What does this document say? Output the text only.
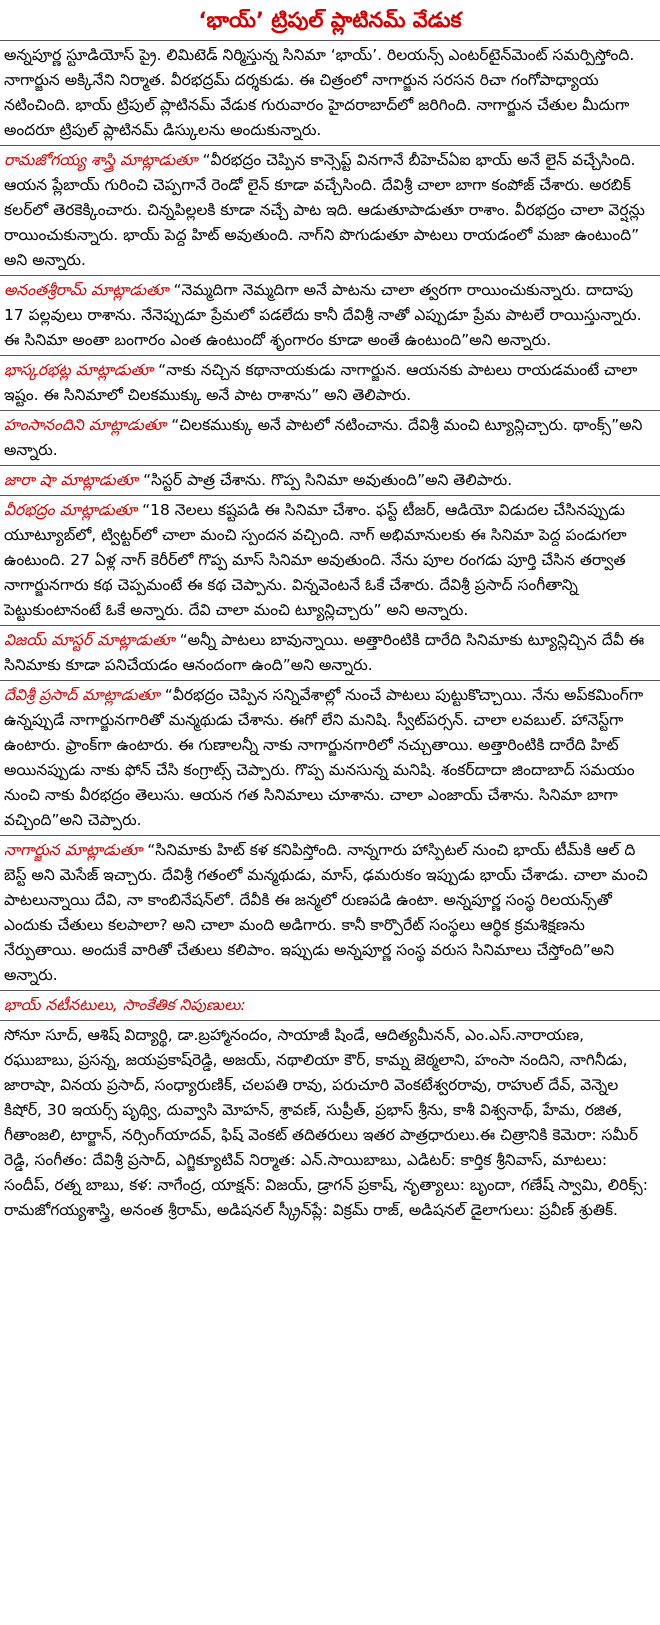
‘భాయ్’ ట్రిపుల్ ప్లాటినమ్ వేడుక
అన్నపూర్ణ స్టూడియోస్ ప్రై. లిమిటెడ్ నిర్మిస్తున్న సినిమా ‘భాయ్’. రిలయన్స్ ఎంటర్‌టైన్‌మెంట్ సమర్పిస్తోంది. నాగార్జున అక్కినేని నిర్మాత. వీరభద్రమ్ దర్శకుడు. ఈ చిత్రంలో నాగార్జున సరసన రిచా గంగోపాధ్యాయ నటించింది. భాయ్ ట్రిపుల్ ప్లాటినమ్ వేడుక గురువారం హైదరాబాద్‌లో జరిగింది. నాగార్జున చేతుల మీదుగా అందరూ ట్రిపుల్ ప్లాటినమ్ డిస్కులను అందుకున్నారు.
రామజోగయ్య శాస్త్రి మాట్లాడుతూ “వీరభద్రం చెప్పిన కాన్సెప్ట్ వినగానే బీహెచ్‌ఏఐ భాయ్ అనే లైన్ వచ్చేసింది. ఆయన ప్లేబాయ్ గురించి చెప్పగానే రెండో లైన్ కూడా వచ్చేసింది. దేవిశ్రీ చాలా బాగా కంపోజ్ చేశారు. అరబిక్ కలర్‌లో తెరకెక్కించారు. చిన్నపిల్లలకి కూడా నచ్చే పాట ఇది. ఆడుతూపాడుతూ రాశాం. వీరభద్రం చాలా వెర్షన్లు రాయించుకున్నారు. భాయ్ పెద్ద హిట్ అవుతుంది. నాగ్‌ని పొగుడుతూ పాటలు రాయడంలో మజా ఉంటుంది” అని అన్నారు.
అనంతశ్రీరామ్ మాట్లాడుతూ “నెమ్మదిగా నెమ్మదిగా అనే పాటను చాలా త్వరగా రాయించుకున్నారు. దాదాపు 17 పల్లవులు రాశాను. నేనెప్పుడూ ప్రేమలో పడలేదు కానీ దేవిశ్రీ నాతో ఎప్పుడూ ప్రేమ పాటలే రాయిస్తున్నారు. ఈ సినిమా అంతా బంగారం ఎంత ఉంటుందో శృంగారం కూడా అంతే ఉంటుంది”అని అన్నారు.
భాస్కరభట్ల మాట్లాడుతూ “నాకు నచ్చిన కథానాయకుడు నాగార్జున. ఆయనకు పాటలు రాయడమంటే చాలా ఇష్టం. ఈ సినిమాలో చిలకముక్కు అనే పాట రాశాను” అని తెలిపారు.
హంసానందిని మాట్లాడుతూ “చిలకముక్కు అనే పాటలో నటించాను. దేవిశ్రీ మంచి ట్యూన్లిచ్చారు. థాంక్స్”అని అన్నారు.
జారా షా మాట్లాడుతూ “సిస్టర్ పాత్ర చేశాను. గొప్ప సినిమా అవుతుంది”అని తెలిపారు.
వీరభద్రం మాట్లాడుతూ “18 నెలలు కష్టపడి ఈ సినిమా చేశాం. ఫస్ట్ టీజర్, ఆడియో విడుదల చేసినప్పుడు యూట్యూబ్‌లో, ట్విట్టర్‌లో చాలా మంచి స్పందన వచ్చింది. నాగ్ అభిమానులకు ఈ సినిమా పెద్ద పండుగలా ఉంటుంది. 27 ఏళ్ల నాగ్ కెరీర్‌లో గొప్ప మాస్ సినిమా అవుతుంది. నేను పూల రంగడు పూర్తి చేసిన తర్వాత నాగార్జునగారు కథ చెప్పమంటే ఈ కథ చెప్పాను. విన్నవెంటనే ఓకే చేశారు. దేవిశ్రీ ప్రసాద్ సంగీతాన్ని పెట్టుకుంటానంటే ఓకే అన్నారు. దేవి చాలా మంచి ట్యూన్లిచ్చారు” అని అన్నారు.
విజయ్ మాస్టర్ మాట్లాడుతూ “అన్నీ పాటలు బావున్నాయి. అత్తారింటికి దారేది సినిమాకు ట్యూన్లిచ్చిన దేవీ ఈ సినిమాకు కూడా పనిచేయడం ఆనందంగా ఉంది”అని అన్నారు.
దేవిశ్రీ ప్రసాద్ మాట్లాడుతూ “వీరభద్రం చెప్పిన సన్నివేశాల్లో నుంచే పాటలు పుట్టుకొచ్చాయి. నేను అప్‌కమింగ్‌గా ఉన్నప్పుడే నాగార్జునగారితో మన్మథుడు చేశాను. ఈగో లేని మనిషి. స్వీట్‌పర్సన్. చాలా లవబుల్. హానెస్ట్‌గా ఉంటారు. ఫ్రాంక్‌గా ఉంటారు. ఈ గుణాలన్నీ నాకు నాగార్జునగారిలో నచ్చుతాయి. అత్తారింటికి దారేది హిట్ అయినప్పుడు నాకు ఫోన్ చేసి కంగ్రాట్స్ చెప్పారు. గొప్ప మనసున్న మనిషి. శంకర్‌దాదా జిందాబాద్ సమయం నుంచి నాకు వీరభద్రం తెలుసు. ఆయన గత సినిమాలు చూశాను. చాలా ఎంజాయ్ చేశాను. సినిమా బాగా వచ్చింది”అని చెప్పారు.
నాగార్జున మాట్లాడుతూ “సినిమాకు హిట్ కళ కనిపిస్తోంది. నాన్నగారు హాస్పిటల్ నుంచి భాయ్ టీమ్‌కి ఆల్ ది బెస్ట్ అని మెసేజ్ ఇచ్చారు. దేవిశ్రీ గతంలో మన్మథుడు, మాస్, ఢమరుకం ఇప్పుడు భాయ్ చేశాడు. చాలా మంచి పాటలున్నాయి దేవి, నా కాంబినేషన్‌లో. దేవీకి ఈ జన్మలో రుణపడి ఉంటా. అన్నపూర్ణ సంస్థ రిలయన్స్‌తో ఎందుకు చేతులు కలపాలా? అని చాలా మంది అడిగారు. కానీ కార్పొరేట్ సంస్థలు ఆర్థిక క్రమశిక్షణను నేర్పుతాయి. అందుకే వారితో చేతులు కలిపాం. ఇప్పుడు అన్నపూర్ణ సంస్థ వరుస సినిమాలు చేస్తోంది”అని అన్నారు.
భాయ్ నటీనటులు, సాంకేతిక నిపుణులు:
సోనూ సూద్, ఆశిష్ విద్యార్థి, డా.బ్రహ్మానందం, సాయాజీ షిండే, ఆదిత్యమీనన్, ఎం.ఎస్.నారాయణ, రఘుబాబు, ప్రసన్న, జయప్రకాష్‌రెడ్డి, అజయ్, నథాలియా కౌర్, కామ్న జెఠ్మలాని, హంసా నందిని, నాగినీడు, జారాషా, వినయ ప్రసాద్, సంధ్యారుణిక్, చలపతి రావు, పరుచూరి వెంకటేశ్వరరావు, రాహుల్ దేవ్, వెన్నెల కిషోర్, 30 ఇయర్స్ పృథ్వి, దువ్వాసి మోహన్, శ్రావణ్, సుప్రీత్, ప్రభాస్ శ్రీను, కాశీ విశ్వనాథ్, హేమ, రజిత, గీతాంజలి, టార్జాన్, నర్సింగ్‌యాదవ్, ఫిష్ వెంకట్ తదితరులు ఇతర పాత్రధారులు.ఈ చిత్రానికి కెమెరా: సమీర్ రెడ్డి, సంగీతం: దేవిశ్రీ ప్రసాద్, ఎగ్జిక్యూటివ్ నిర్మాత: ఎన్.సాయిబాబు, ఎడిటర్: కార్తిక శ్రీనివాస్, మాటలు: సందీప్, రత్న బాబు, కళ: నాగేంద్ర, యాక్షన్: విజయ్, డ్రాగన్ ప్రకాష్, నృత్యాలు: బృందా, గణేష్ స్వామి, లిరిక్స్: రామజోగయ్యశాస్త్రి, అనంత శ్రీరామ్, అడిషనల్ స్క్రీన్‌ప్లే: విక్రమ్ రాజ్, అడిషనల్ డైలాగులు: ప్రవీణ్ శ్రుతిక్.
​
